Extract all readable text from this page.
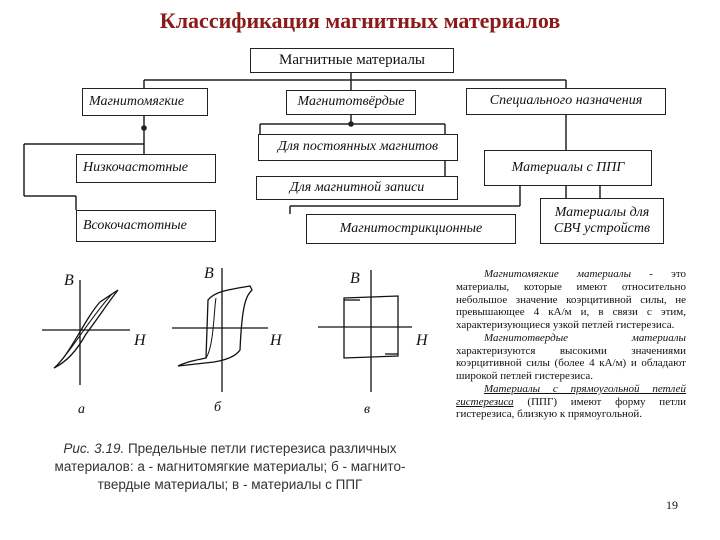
Классификация магнитных материалов
Магнитные материалы
Магнитомягкие	Магнитотвёрдые	Специального назначения
Низкочастотные
Всокочастотные
Для постоянных магнитов
Для магнитной записи
Материалы с ППГ
Материалы для СВЧ устройств
Магнитострикционные
B
H
B
H
B
H
а	б	в
Рис. 3.19. Предельные петли гистерезиса различных материалов: а - магнитомягкие материалы; б - магнито-твердые материалы; в - материалы с ППГ

Магнитомягкие материалы - это материалы, которые имеют относительно небольшое значение коэрцитивной силы, не превышающее 4 кА/м и, в связи с этим, характеризующиеся узкой петлей гистерезиса.

Магнитотвердые материалы характеризуются высокими значениями коэрцитивной силы (более 4 кА/м) и обладают широкой петлей гистерезиса.

Материалы с прямоугольной петлей гистерезиса (ППГ) имеют форму петли гистерезиса, близкую к прямоугольной.

19
